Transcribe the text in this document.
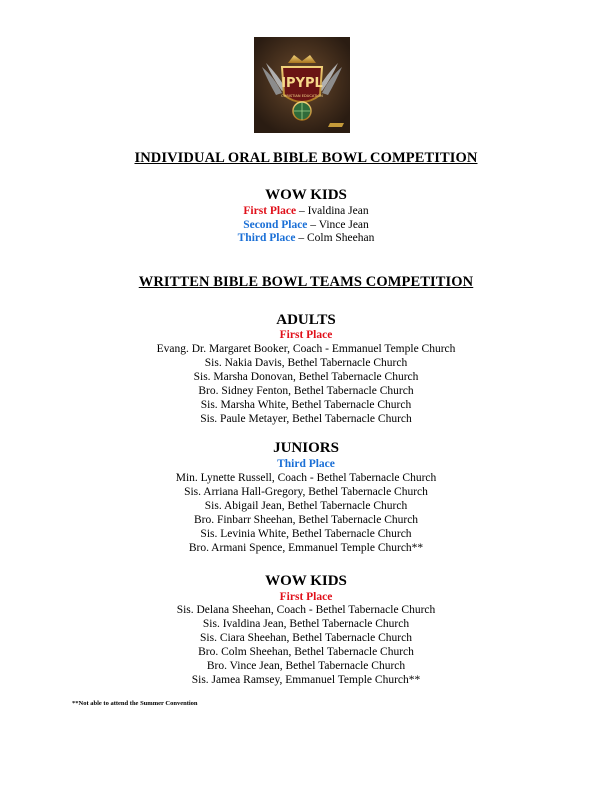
IPYPL
CHRISTIAN EDUCATION
INDIVIDUAL ORAL BIBLE BOWL COMPETITION
WOW KIDS
First Place – Ivaldina Jean
Second Place – Vince Jean
Third Place – Colm Sheehan
WRITTEN BIBLE BOWL TEAMS COMPETITION
ADULTS
First Place
Evang. Dr. Margaret Booker, Coach - Emmanuel Temple Church
Sis. Nakia Davis, Bethel Tabernacle Church
Sis. Marsha Donovan, Bethel Tabernacle Church
Bro. Sidney Fenton, Bethel Tabernacle Church
Sis. Marsha White, Bethel Tabernacle Church
Sis. Paule Metayer, Bethel Tabernacle Church
JUNIORS
Third Place
Min. Lynette Russell, Coach - Bethel Tabernacle Church
Sis. Arriana Hall-Gregory, Bethel Tabernacle Church
Sis. Abigail Jean, Bethel Tabernacle Church
Bro. Finbarr Sheehan, Bethel Tabernacle Church
Sis. Levinia White, Bethel Tabernacle Church
Bro. Armani Spence, Emmanuel Temple Church**
WOW KIDS
First Place
Sis. Delana Sheehan, Coach - Bethel Tabernacle Church
Sis. Ivaldina Jean, Bethel Tabernacle Church
Sis. Ciara Sheehan, Bethel Tabernacle Church
Bro. Colm Sheehan, Bethel Tabernacle Church
Bro. Vince Jean, Bethel Tabernacle Church
Sis. Jamea Ramsey, Emmanuel Temple Church**
**Not able to attend the Summer Convention
